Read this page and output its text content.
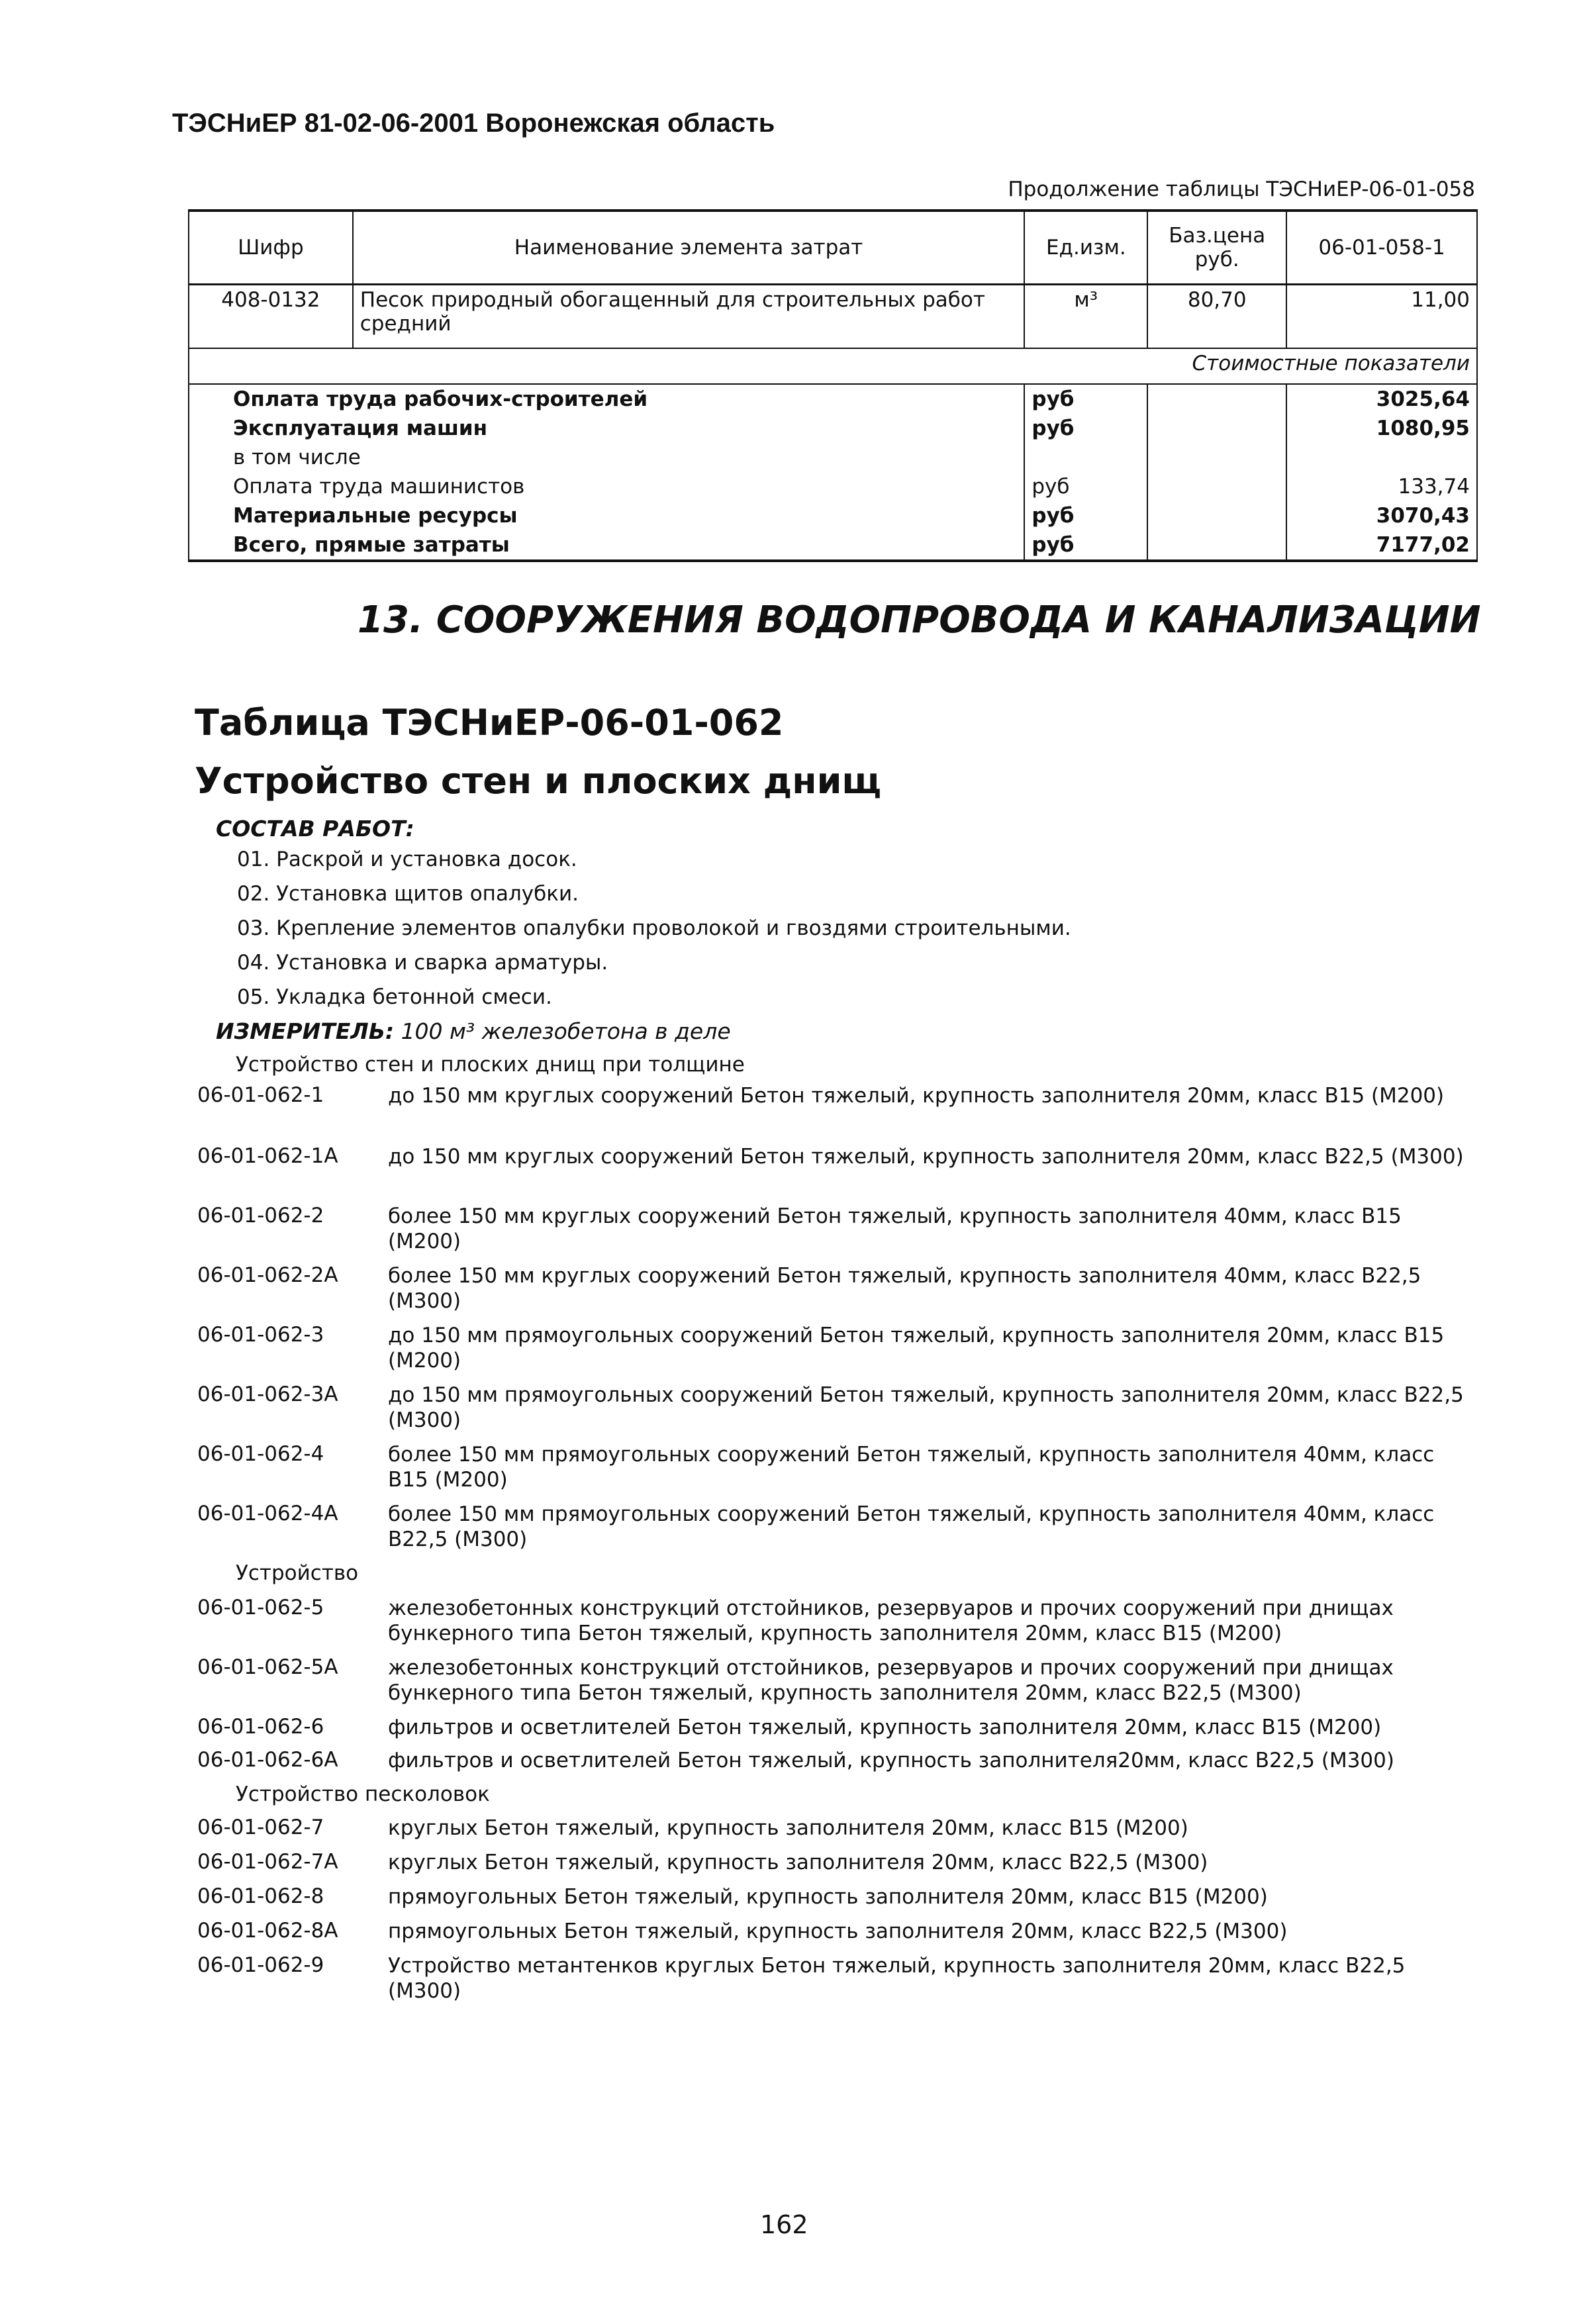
ТЭСНиЕР 81-02-06-2001 Воронежская область
Продолжение таблицы ТЭСНиЕР-06-01-058
Шифр	Наименование элемента затрат	Ед.изм.	Баз.цена руб.	06-01-058-1
408-0132	Песок природный обогащенный для строительных работ средний	м³	80,70	11,00
			Стоимостные показатели	
Оплата труда рабочих-строителей		руб		3025,64
Эксплуатация машин		руб		1080,95
в том числе				
Оплата труда машинистов		руб		133,74
Материальные ресурсы		руб		3070,43
Всего, прямые затраты		руб		7177,02
13. СООРУЖЕНИЯ ВОДОПРОВОДА И КАНАЛИЗАЦИИ
Таблица ТЭСНиЕР-06-01-062
Устройство стен и плоских днищ
СОСТАВ РАБОТ:
01. Раскрой и установка досок.
02. Установка щитов опалубки.
03. Крепление элементов опалубки проволокой и гвоздями строительными.
04. Установка и сварка арматуры.
05. Укладка бетонной смеси.
ИЗМЕРИТЕЛЬ: 100 м³ железобетона в деле
Устройство стен и плоских днищ при толщине
06-01-062-1	до 150 мм круглых сооружений Бетон тяжелый, крупность заполнителя 20мм, класс В15 (М200)
06-01-062-1А до 150 мм круглых сооружений Бетон тяжелый, крупность заполнителя 20мм, класс В22,5 (М300)
06-01-062-2	более 150 мм круглых сооружений Бетон тяжелый, крупность заполнителя 40мм, класс В15 (М200)
06-01-062-2А более 150 мм круглых сооружений Бетон тяжелый, крупность заполнителя 40мм, класс В22,5 (М300)
06-01-062-3	до 150 мм прямоугольных сооружений Бетон тяжелый, крупность заполнителя 20мм, класс В15 (М200)
06-01-062-3А до 150 мм прямоугольных сооружений Бетон тяжелый, крупность заполнителя 20мм, класс В22,5 (М300)
06-01-062-4	более 150 мм прямоугольных сооружений Бетон тяжелый, крупность заполнителя 40мм, класс В15 (М200)
06-01-062-4А более 150 мм прямоугольных сооружений Бетон тяжелый, крупность заполнителя 40мм, класс В22,5 (М300)
Устройство
06-01-062-5	железобетонных конструкций отстойников, резервуаров и прочих сооружений при днищах бункерного типа Бетон тяжелый, крупность заполнителя 20мм, класс В15 (М200)
06-01-062-5А железобетонных конструкций отстойников, резервуаров и прочих сооружений при днищах бункерного типа Бетон тяжелый, крупность заполнителя 20мм, класс В22,5 (М300)
06-01-062-6	фильтров и осветлителей Бетон тяжелый, крупность заполнителя 20мм, класс В15 (М200)
06-01-062-6А фильтров и осветлителей Бетон тяжелый, крупность заполнителя20мм, класс В22,5 (М300)
Устройство песколовок
06-01-062-7	круглых Бетон тяжелый, крупность заполнителя 20мм, класс В15 (М200)
06-01-062-7А круглых Бетон тяжелый, крупность заполнителя 20мм, класс В22,5 (М300)
06-01-062-8	прямоугольных Бетон тяжелый, крупность заполнителя 20мм, класс В15 (М200)
06-01-062-8А прямоугольных Бетон тяжелый, крупность заполнителя 20мм, класс В22,5 (М300)
06-01-062-9	Устройство метантенков круглых Бетон тяжелый, крупность заполнителя 20мм, класс В22,5 (М300)
162
